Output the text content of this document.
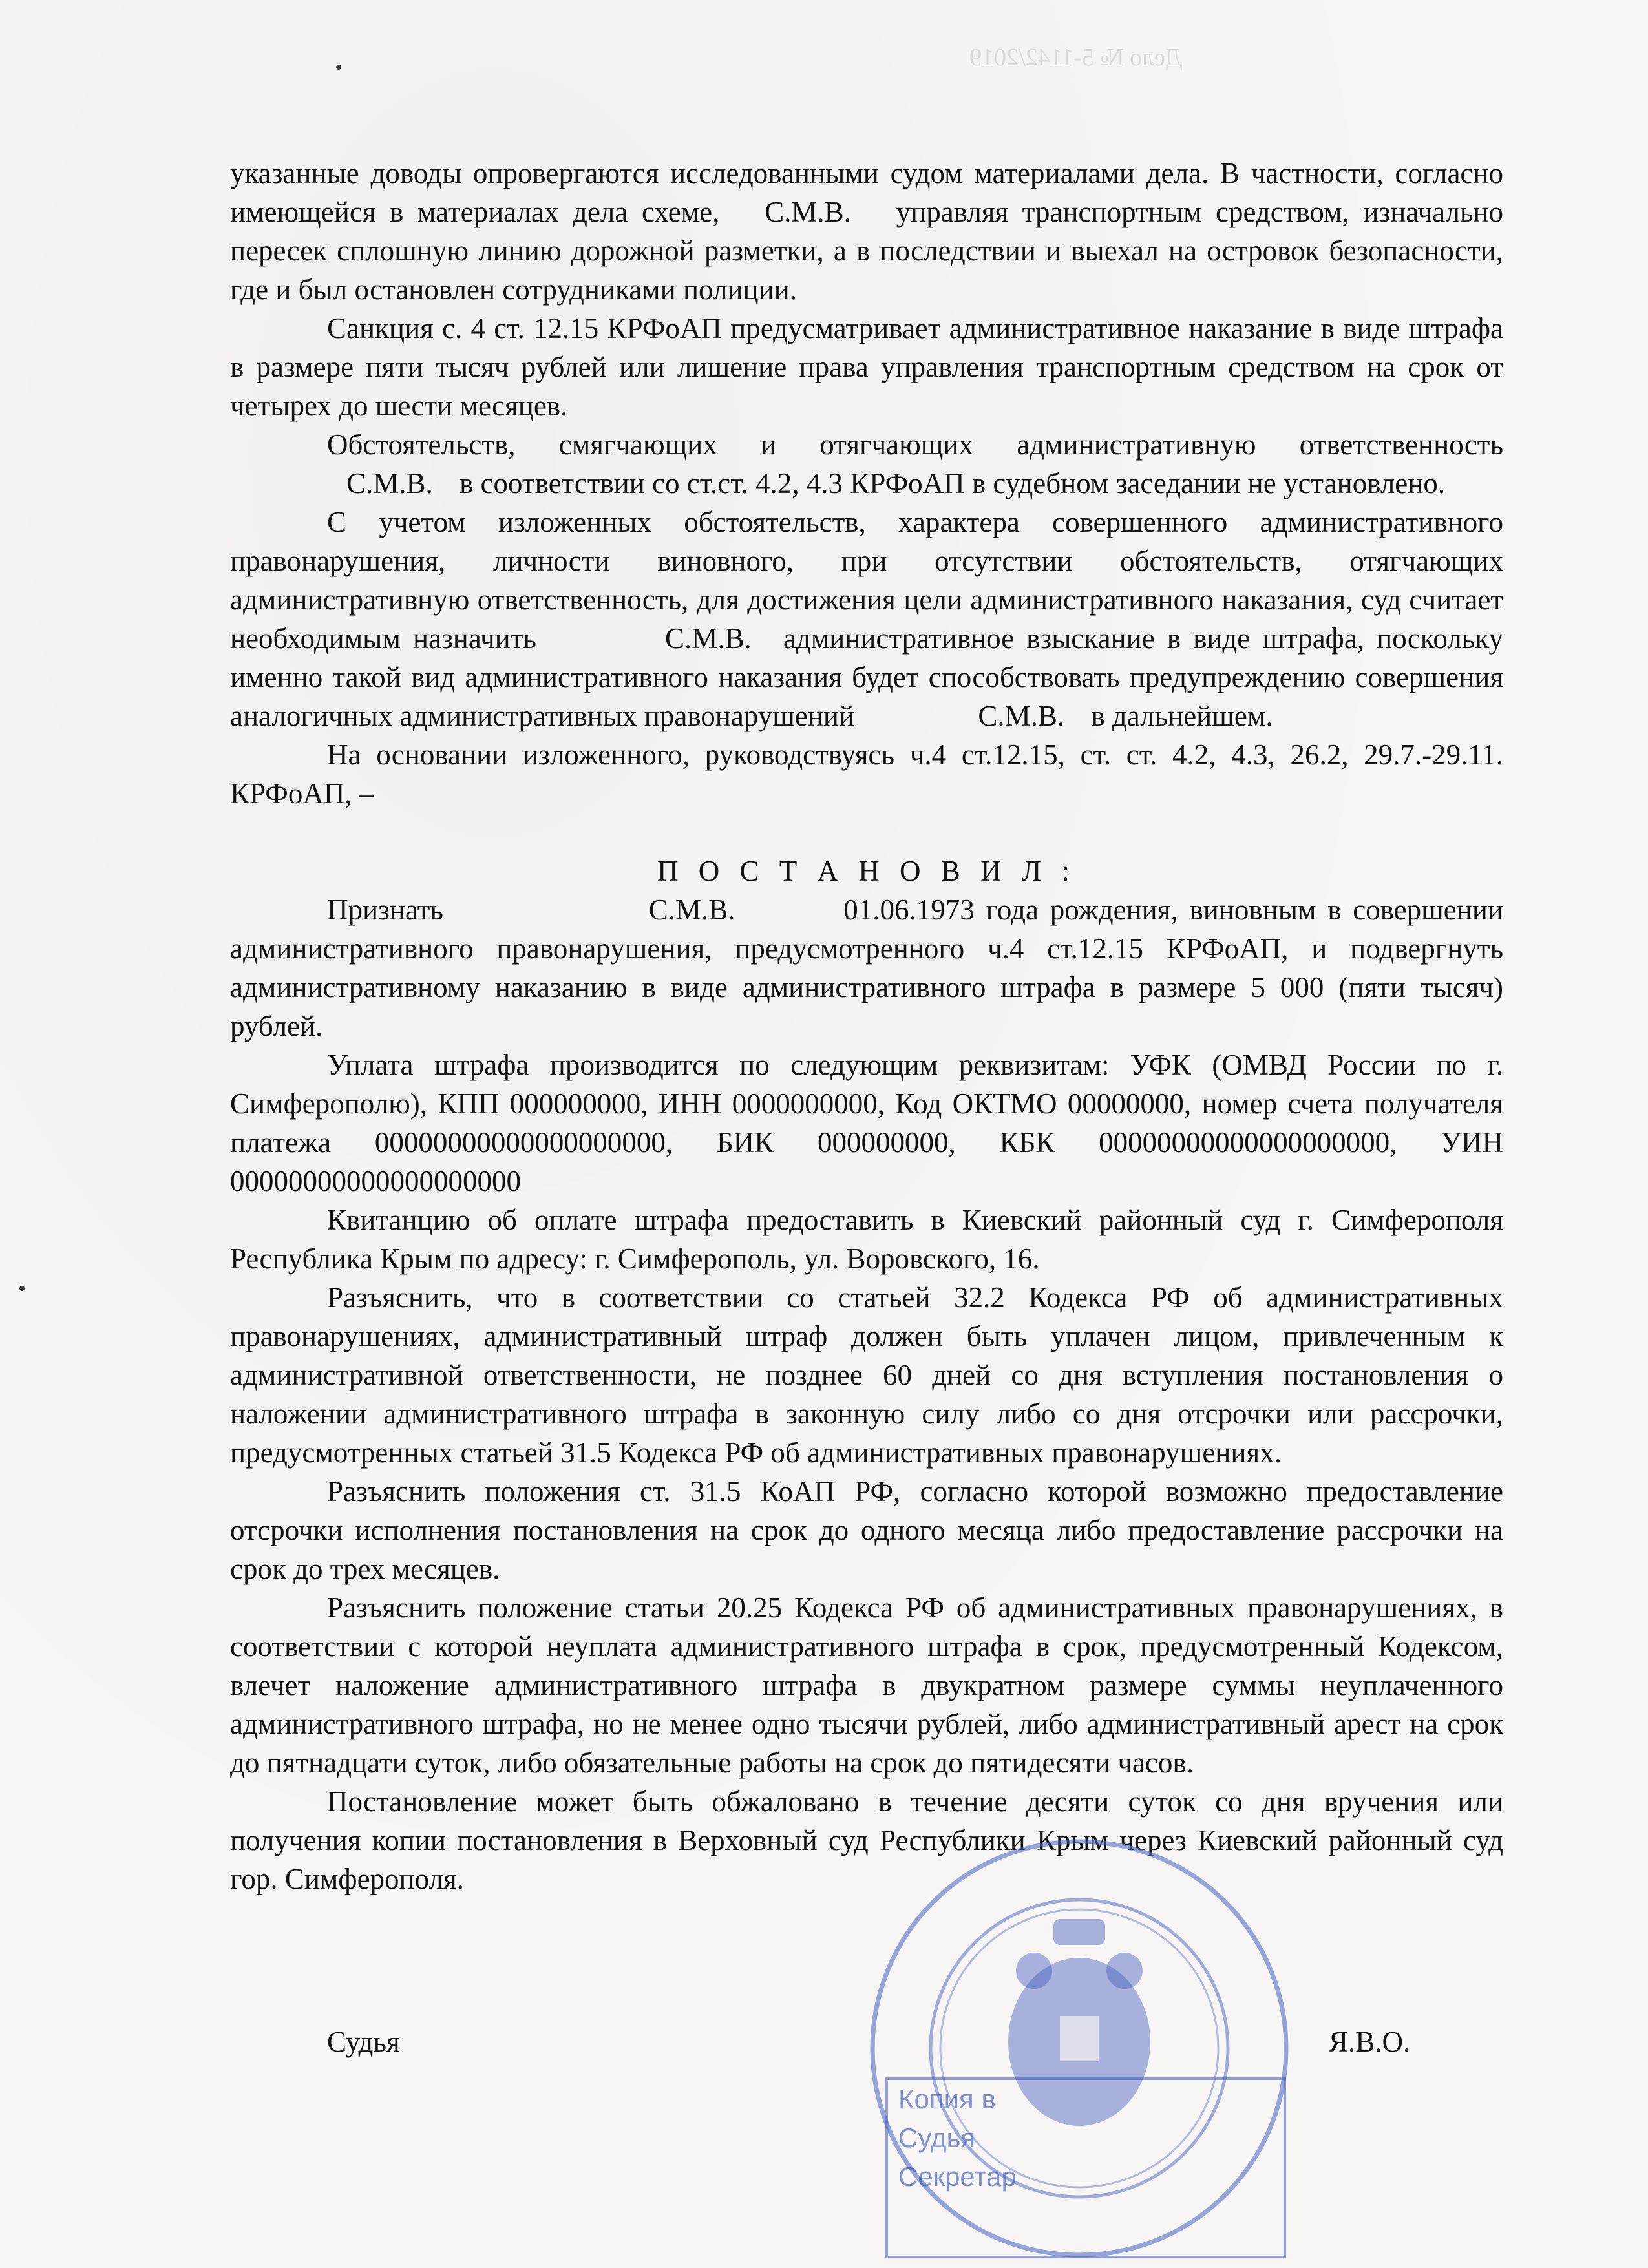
Дело № 5-1142/2019

указанные доводы опровергаются исследованными судом материалами дела. В частности, согласно имеющейся в материалах дела схеме, С.М.В. управляя транспортным средством, изначально пересек сплошную линию дорожной разметки, а в последствии и выехал на островок безопасности, где и был остановлен сотрудниками полиции.

Санкция с. 4 ст. 12.15 КРФоАП предусматривает административное наказание в виде штрафа в размере пяти тысяч рублей или лишение права управления транспортным средством на срок от четырех до шести месяцев.

Обстоятельств, смягчающих и отягчающих административную ответственность С.М.В. в соответствии со ст.ст. 4.2, 4.3 КРФоАП в судебном заседании не установлено.

С учетом изложенных обстоятельств, характера совершенного административного правонарушения, личности виновного, при отсутствии обстоятельств, отягчающих административную ответственность, для достижения цели административного наказания, суд считает необходимым назначить	С.М.В. административное взыскание в виде штрафа, поскольку именно такой вид административного наказания будет способствовать предупреждению совершения аналогичных административных правонарушений	С.М.В. в дальнейшем.

На основании изложенного, руководствуясь ч.4 ст.12.15, ст. ст. 4.2, 4.3, 26.2, 29.7.-29.11. КРФоАП, –

П О С Т А Н О В И Л :

Признать	С.М.В.	01.06.1973 года рождения, виновным в совершении административного правонарушения, предусмотренного ч.4 ст.12.15 КРФоАП, и подвергнуть административному наказанию в виде административного штрафа в размере 5 000 (пяти тысяч) рублей.

Уплата штрафа производится по следующим реквизитам: УФК (ОМВД России по г. Симферополю), КПП 000000000, ИНН 0000000000, Код ОКТМО 00000000, номер счета получателя платежа 00000000000000000000, БИК 000000000, КБК 00000000000000000000, УИН 00000000000000000000

Квитанцию об оплате штрафа предоставить в Киевский районный суд г. Симферополя Республика Крым по адресу: г. Симферополь, ул. Воровского, 16.

Разъяснить, что в соответствии со статьей 32.2 Кодекса РФ об административных правонарушениях, административный штраф должен быть уплачен лицом, привлеченным к административной ответственности, не позднее 60 дней со дня вступления постановления о наложении административного штрафа в законную силу либо со дня отсрочки или рассрочки, предусмотренных статьей 31.5 Кодекса РФ об административных правонарушениях.

Разъяснить положения ст. 31.5 КоАП РФ, согласно которой возможно предоставление отсрочки исполнения постановления на срок до одного месяца либо предоставление рассрочки на срок до трех месяцев.

Разъяснить положение статьи 20.25 Кодекса РФ об административных правонарушениях, в соответствии с которой неуплата административного штрафа в срок, предусмотренный Кодексом, влечет наложение административного штрафа в двукратном размере суммы неуплаченного административного штрафа, но не менее одно тысячи рублей, либо административный арест на срок до пятнадцати суток, либо обязательные работы на срок до пятидесяти часов.

Постановление может быть обжаловано в течение десяти суток со дня вручения или получения копии постановления в Верховный суд Республики Крым через Киевский районный суд гор. Симферополя.

Судья	Я.В.О.
Копия в
Судья
Секретар
